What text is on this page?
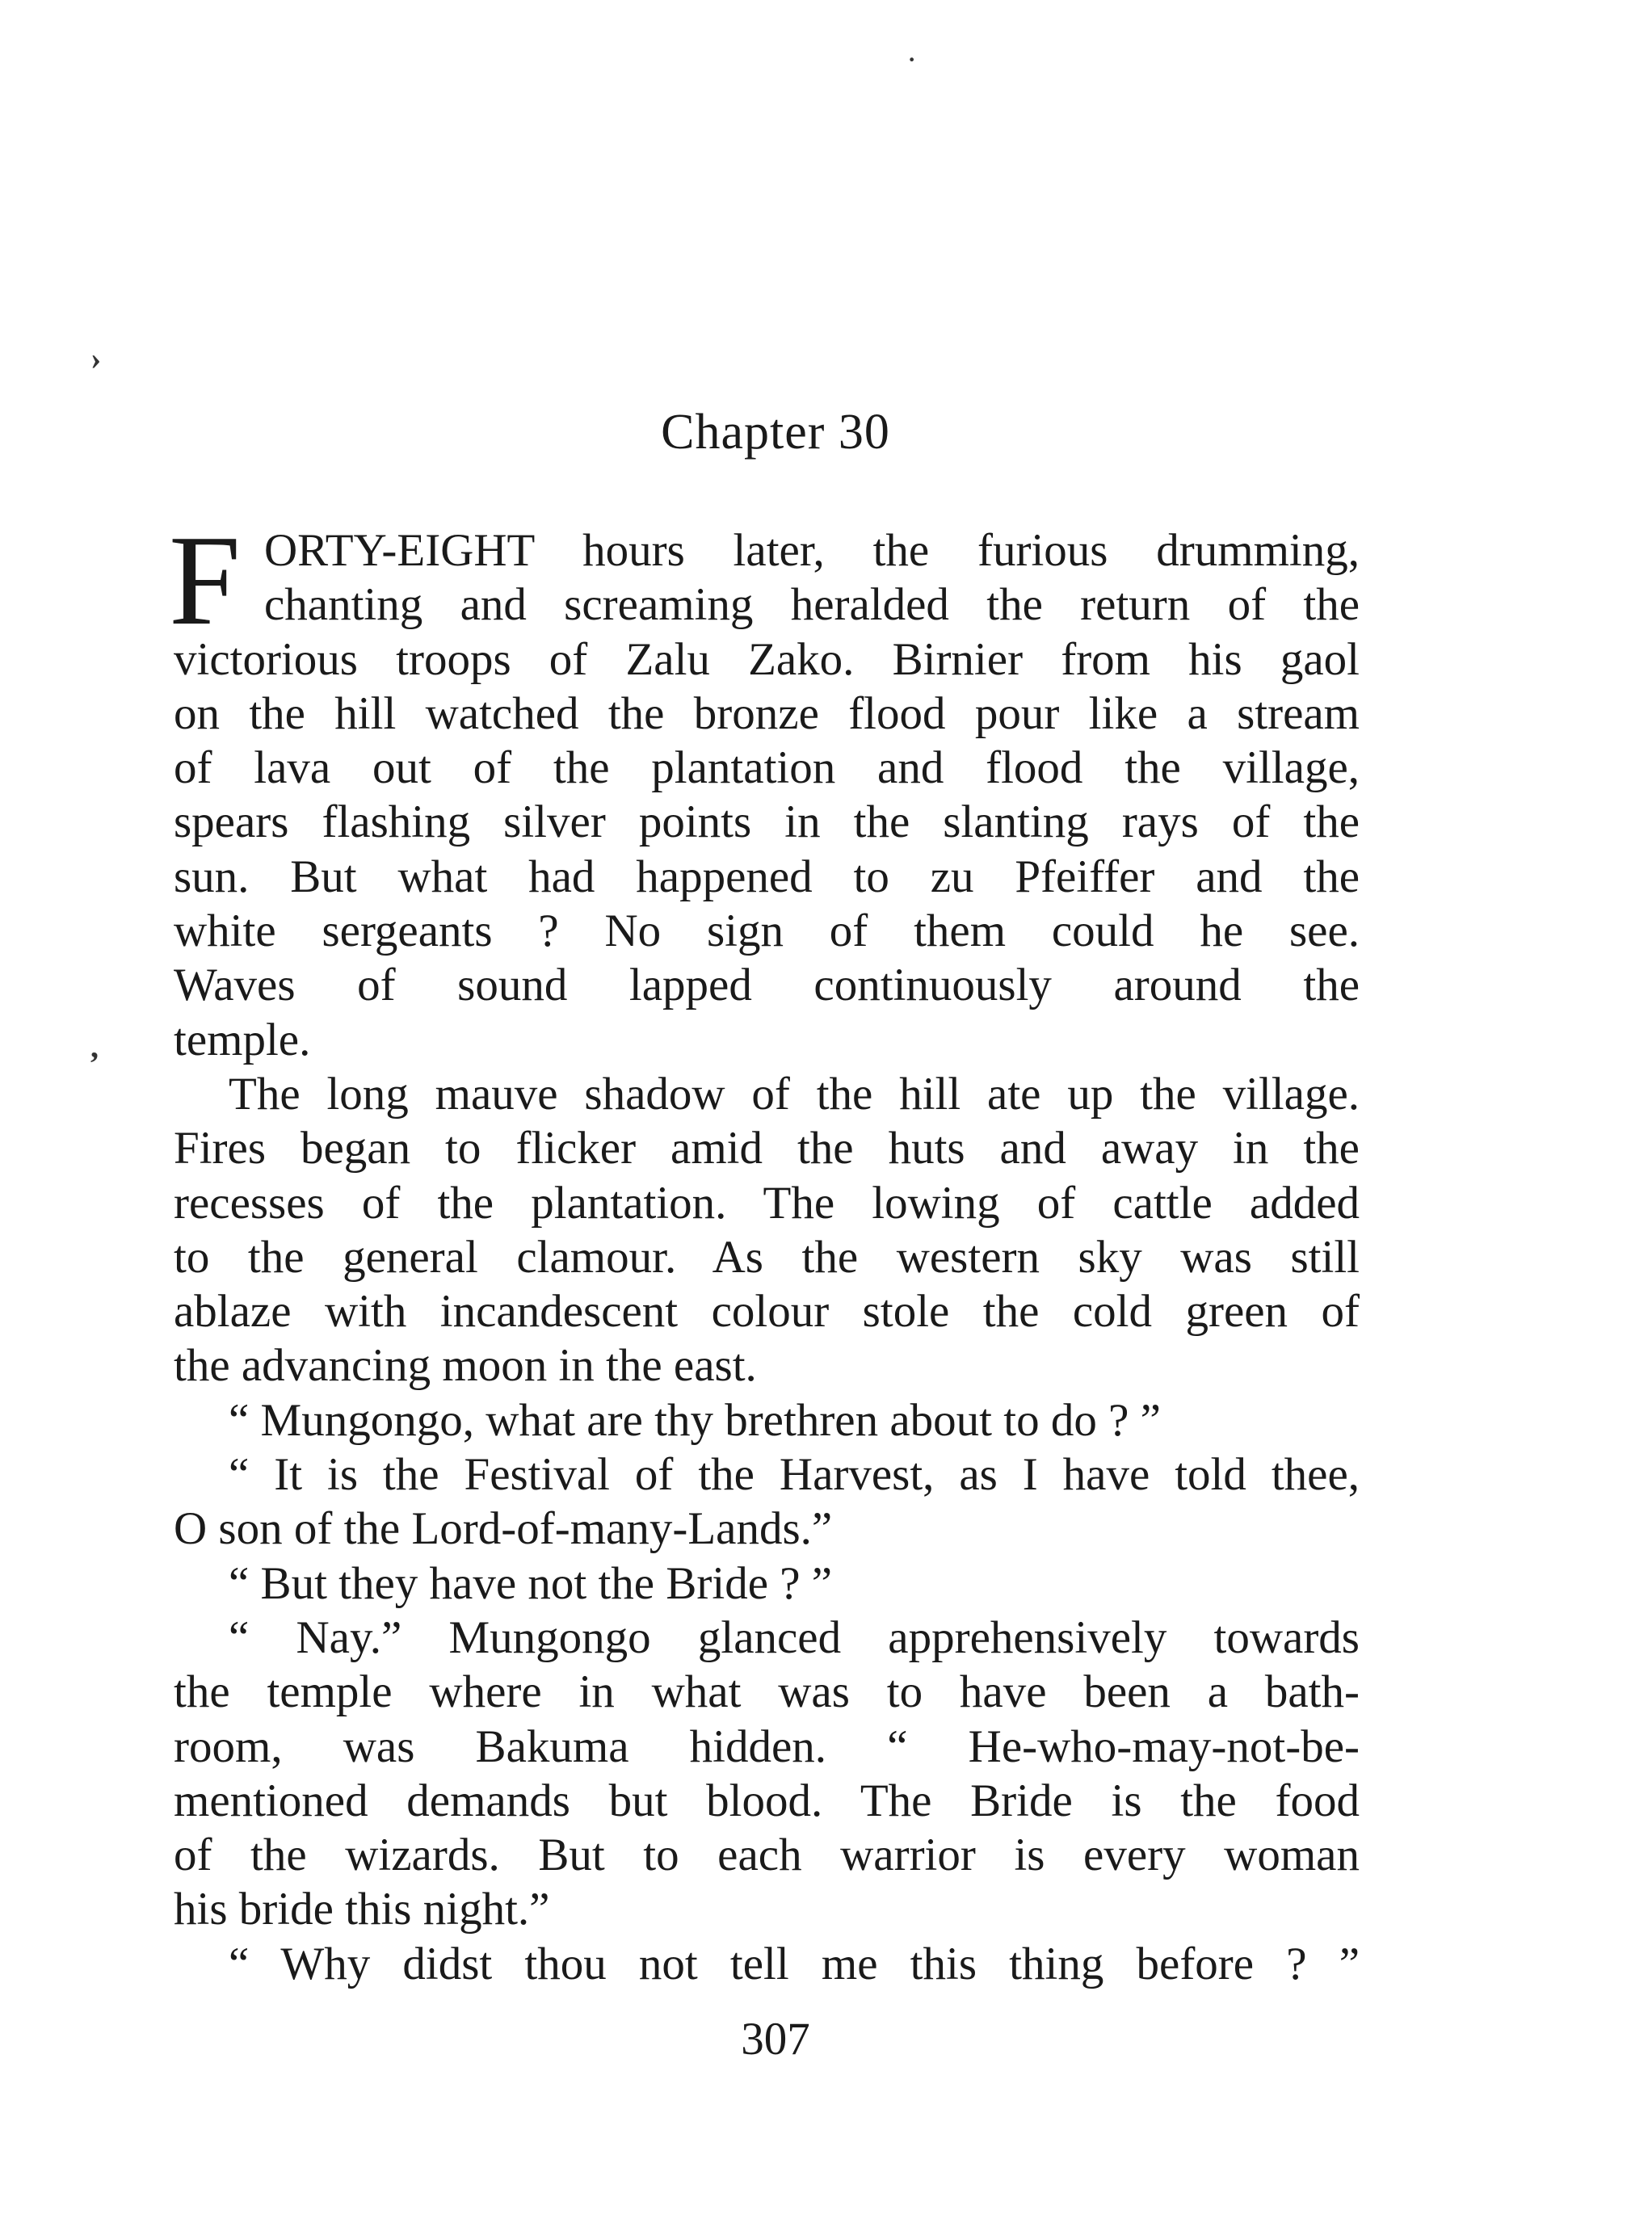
·
›
,
Chapter 30
F ORTY-EIGHT hours later, the furious drumming,
chanting and screaming heralded the return of the
victorious troops of Zalu Zako. Birnier from his gaol
on the hill watched the bronze flood pour like a stream
of lava out of the plantation and flood the village,
spears flashing silver points in the slanting rays of the
sun. But what had happened to zu Pfeiffer and the
white sergeants ? No sign of them could he see.
Waves of sound lapped continuously around the
temple.
The long mauve shadow of the hill ate up the village.
Fires began to flicker amid the huts and away in the
recesses of the plantation. The lowing of cattle added
to the general clamour. As the western sky was still
ablaze with incandescent colour stole the cold green of
the advancing moon in the east.
“ Mungongo, what are thy brethren about to do ? ”
“ It is the Festival of the Harvest, as I have told thee,
O son of the Lord-of-many-Lands.”
“ But they have not the Bride ? ”
“ Nay.” Mungongo glanced apprehensively towards
the temple where in what was to have been a bath-
room, was Bakuma hidden. “ He-who-may-not-be-
mentioned demands but blood. The Bride is the food
of the wizards. But to each warrior is every woman
his bride this night.”
“ Why didst thou not tell me this thing before ? ”
307
